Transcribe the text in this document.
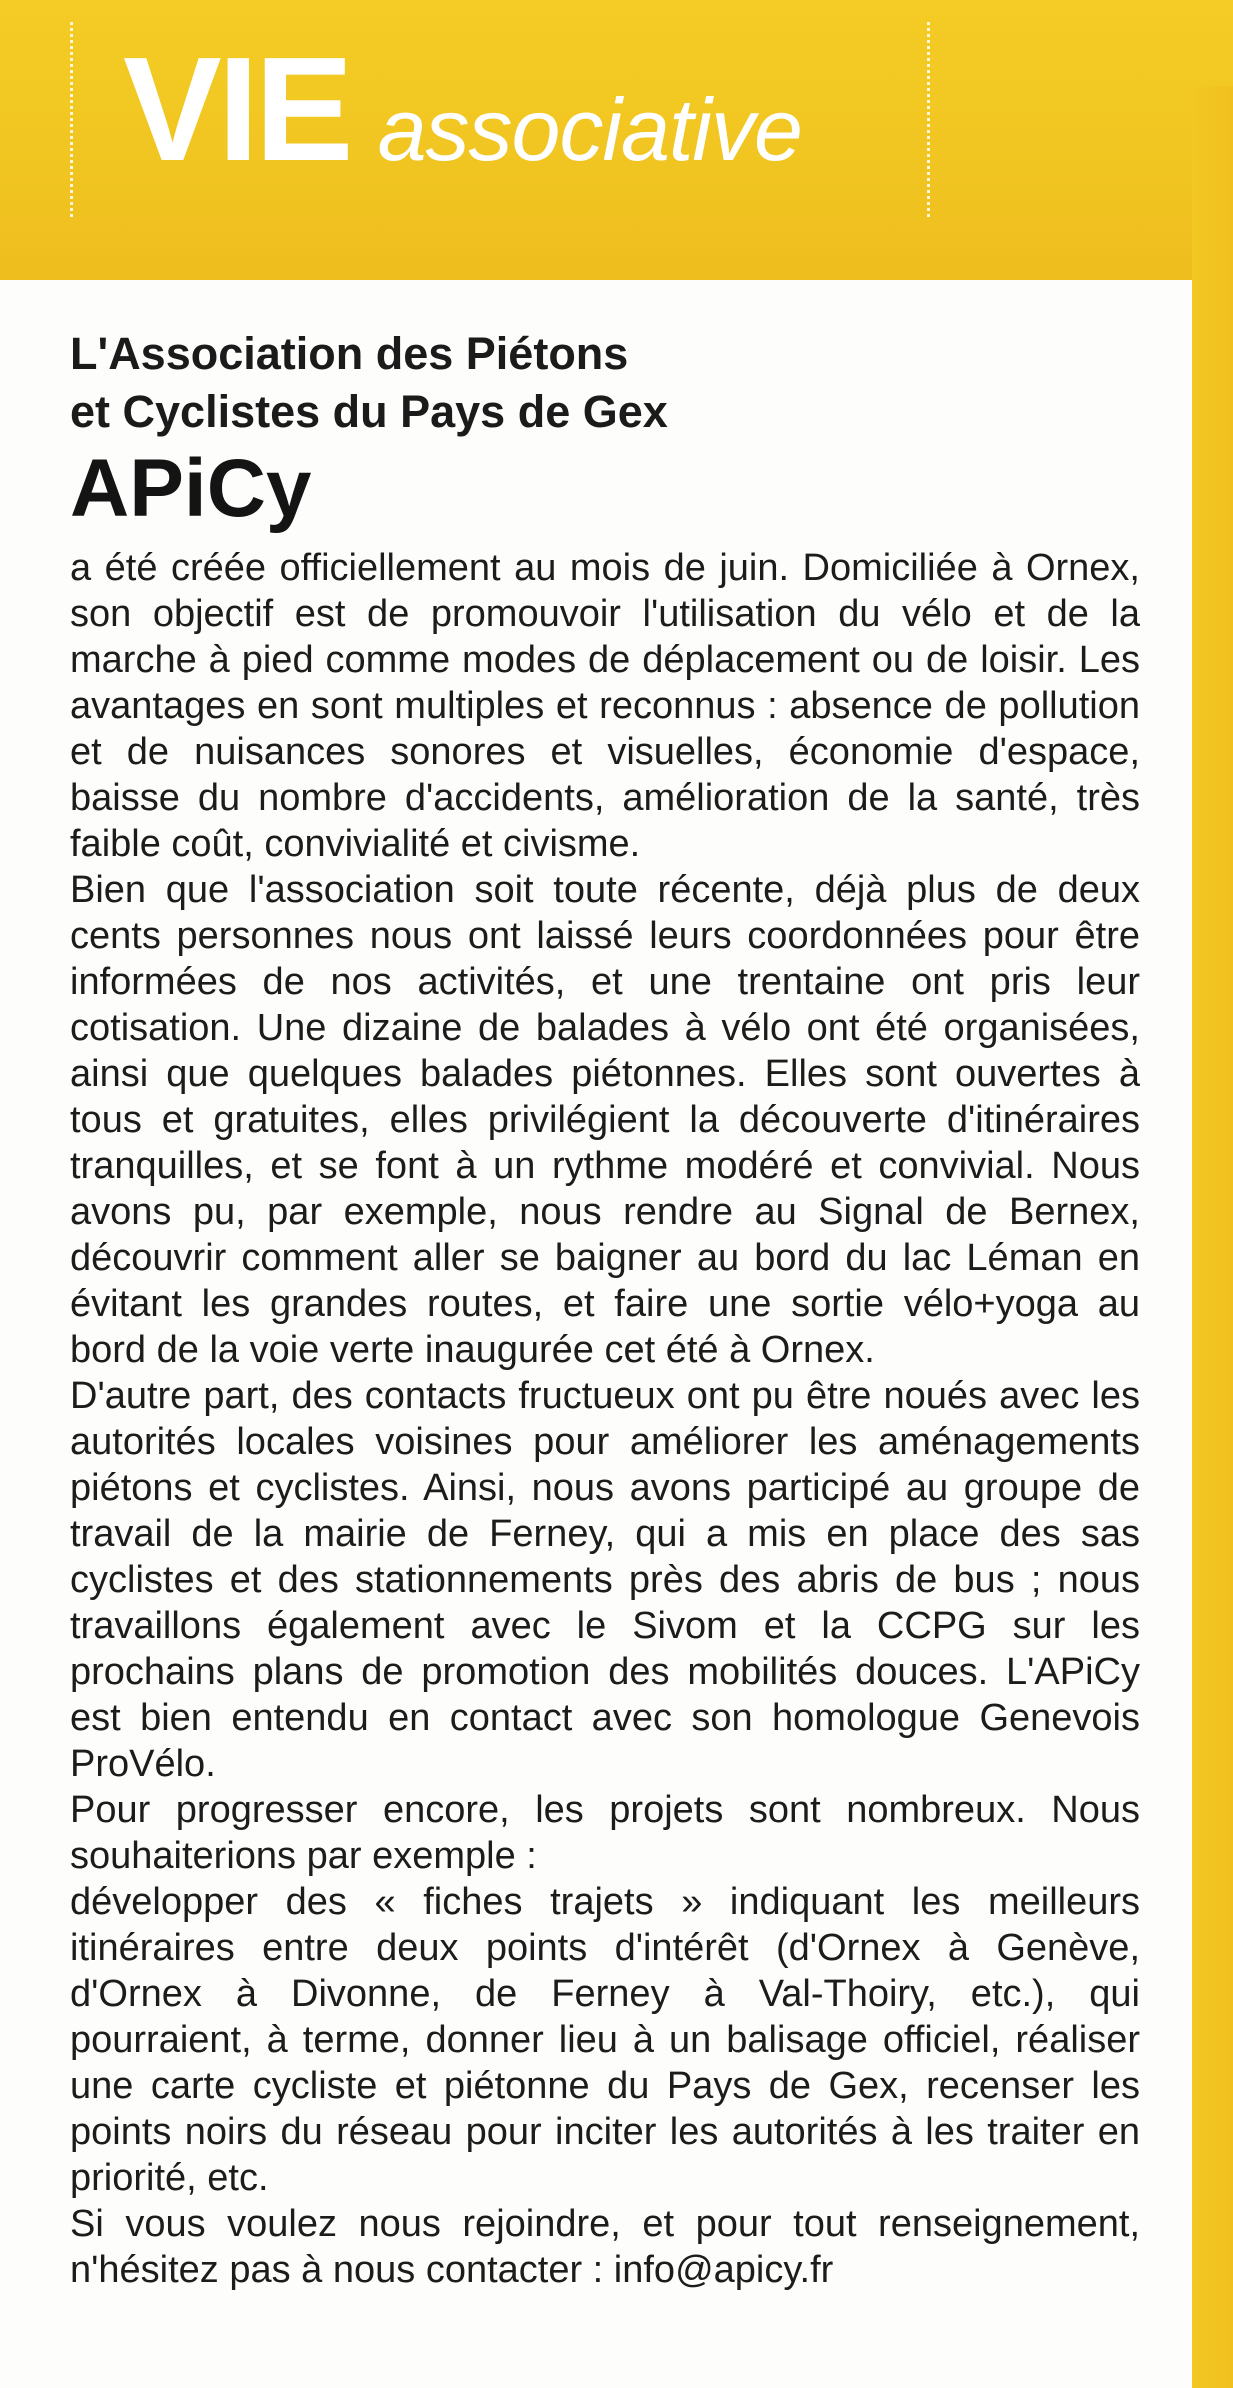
VIE associative
L'Association des Piétons
et Cyclistes du Pays de Gex
APiCy

a été créée officiellement au mois de juin. Domiciliée à Ornex, son objectif est de promouvoir l'utilisation du vélo et de la marche à pied comme modes de déplacement ou de loisir. Les avantages en sont multiples et reconnus : absence de pollution et de nuisances sonores et visuelles, économie d'espace, baisse du nombre d'accidents, amélioration de la santé, très faible coût, convivialité et civisme.

Bien que l'association soit toute récente, déjà plus de deux cents personnes nous ont laissé leurs coordonnées pour être informées de nos activités, et une trentaine ont pris leur cotisation. Une dizaine de balades à vélo ont été organisées, ainsi que quelques balades piétonnes. Elles sont ouvertes à tous et gratuites, elles privilégient la découverte d'itinéraires tranquilles, et se font à un rythme modéré et convivial. Nous avons pu, par exemple, nous rendre au Signal de Bernex, découvrir comment aller se baigner au bord du lac Léman en évitant les grandes routes, et faire une sortie vélo+yoga au bord de la voie verte inaugurée cet été à Ornex.

D'autre part, des contacts fructueux ont pu être noués avec les autorités locales voisines pour améliorer les aménagements piétons et cyclistes. Ainsi, nous avons participé au groupe de travail de la mairie de Ferney, qui a mis en place des sas cyclistes et des stationnements près des abris de bus ; nous travaillons également avec le Sivom et la CCPG sur les prochains plans de promotion des mobilités douces. L'APiCy est bien entendu en contact avec son homologue Genevois ProVélo.

Pour progresser encore, les projets sont nombreux. Nous souhaiterions par exemple :

développer des « fiches trajets » indiquant les meilleurs itinéraires entre deux points d'intérêt (d'Ornex à Genève, d'Ornex à Divonne, de Ferney à Val-Thoiry, etc.), qui pourraient, à terme, donner lieu à un balisage officiel, réaliser une carte cycliste et piétonne du Pays de Gex, recenser les points noirs du réseau pour inciter les autorités à les traiter en priorité, etc.

Si vous voulez nous rejoindre, et pour tout renseignement, n'hésitez pas à nous contacter : info@apicy.fr
